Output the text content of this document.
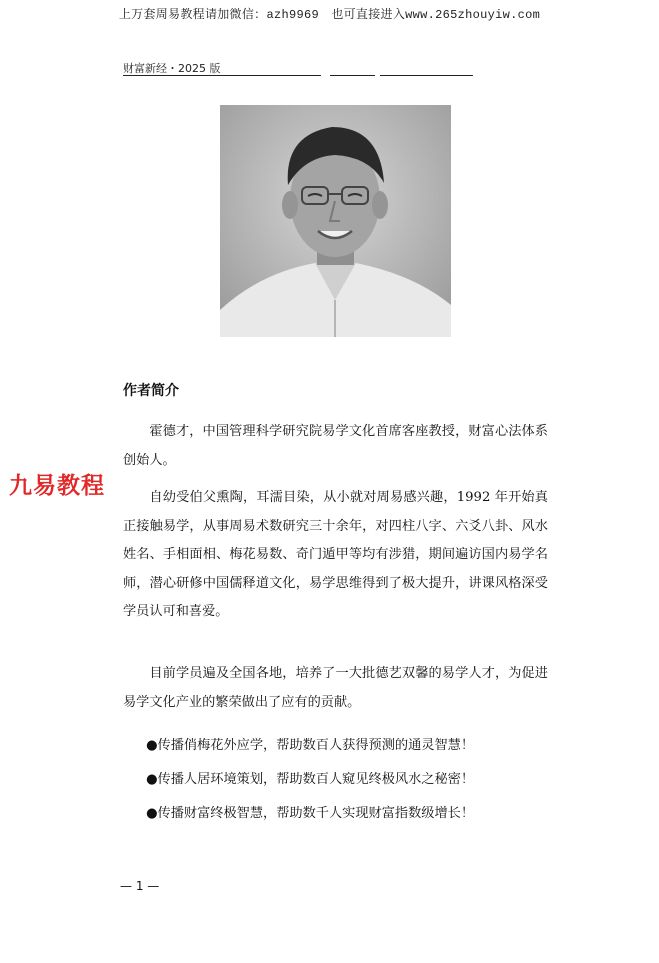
上万套周易教程请加微信：azh9969 也可直接进入www.265zhouyiw.com
财富新经・2025 版
作者简介

霍德才，中国管理科学研究院易学文化首席客座教授，财富心法体系创始人。

自幼受伯父熏陶，耳濡目染，从小就对周易感兴趣，1992 年开始真正接触易学，从事周易术数研究三十余年，对四柱八字、六爻八卦、风水姓名、手相面相、梅花易数、奇门遁甲等均有涉猎，期间遍访国内易学名师，潜心研修中国儒释道文化，易学思维得到了极大提升，讲课风格深受学员认可和喜爱。

目前学员遍及全国各地，培养了一大批德艺双馨的易学人才，为促进易学文化产业的繁荣做出了应有的贡献。

●传播俏梅花外应学，帮助数百人获得预测的通灵智慧！
●传播人居环境策划，帮助数百人窥见终极风水之秘密！
●传播财富终极智慧，帮助数千人实现财富指数级增长！
九易教程
— 1 —
